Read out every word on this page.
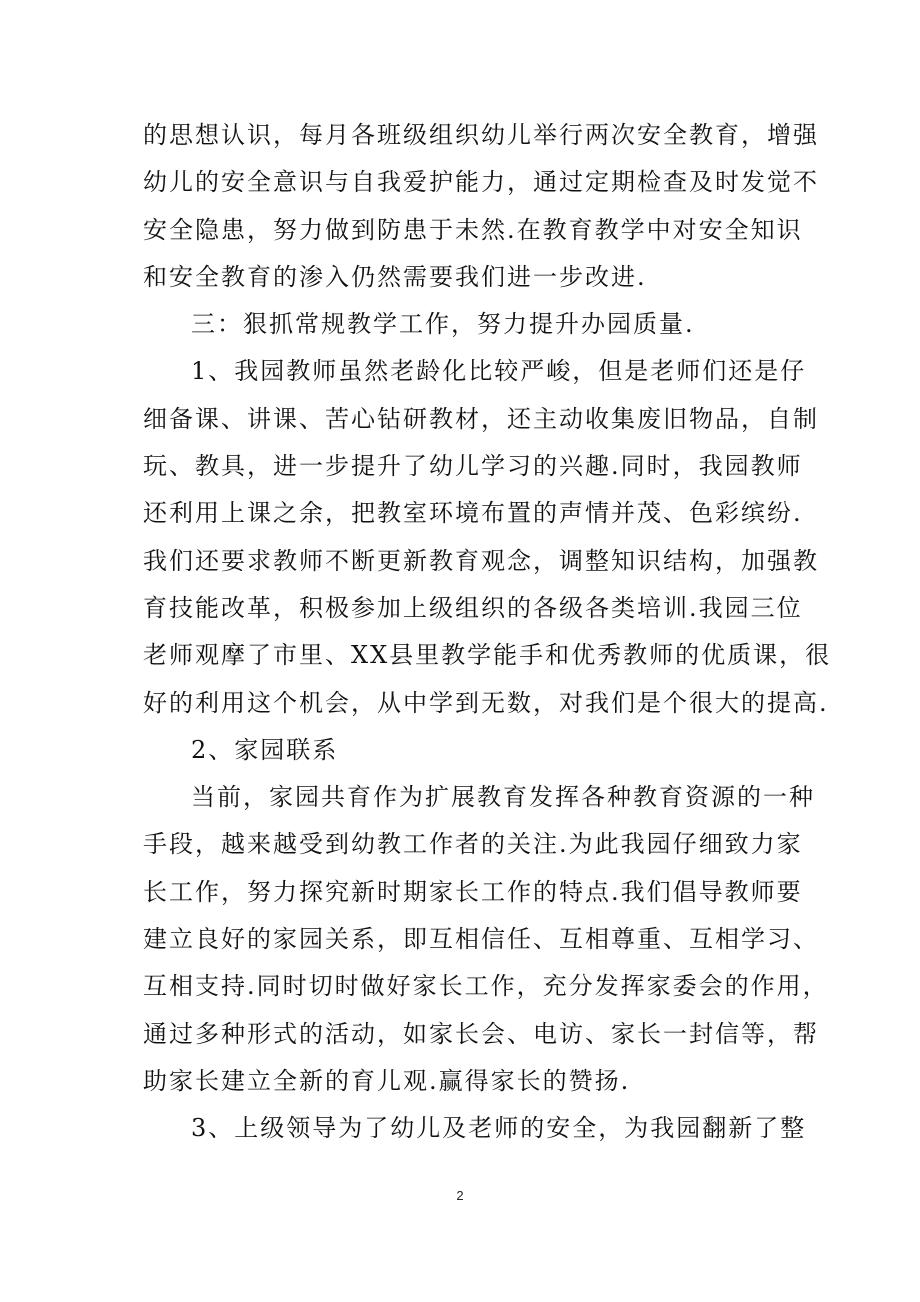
的思想认识，每月各班级组织幼儿举行两次安全教育，增强
幼儿的安全意识与自我爱护能力，通过定期检查及时发觉不
安全隐患，努力做到防患于未然.在教育教学中对安全知识
和安全教育的渗入仍然需要我们进一步改进.
三：狠抓常规教学工作，努力提升办园质量.
1、我园教师虽然老龄化比较严峻，但是老师们还是仔
细备课、讲课、苦心钻研教材，还主动收集废旧物品，自制
玩、教具，进一步提升了幼儿学习的兴趣.同时，我园教师
还利用上课之余，把教室环境布置的声情并茂、色彩缤纷.
我们还要求教师不断更新教育观念，调整知识结构，加强教
育技能改革，积极参加上级组织的各级各类培训.我园三位
老师观摩了市里、XX县里教学能手和优秀教师的优质课，很
好的利用这个机会，从中学到无数，对我们是个很大的提高.
2、家园联系
当前，家园共育作为扩展教育发挥各种教育资源的一种
手段，越来越受到幼教工作者的关注.为此我园仔细致力家
长工作，努力探究新时期家长工作的特点.我们倡导教师要
建立良好的家园关系，即互相信任、互相尊重、互相学习、
互相支持.同时切时做好家长工作，充分发挥家委会的作用，
通过多种形式的活动，如家长会、电访、家长一封信等，帮
助家长建立全新的育儿观.赢得家长的赞扬.
3、上级领导为了幼儿及老师的安全，为我园翻新了整
2
